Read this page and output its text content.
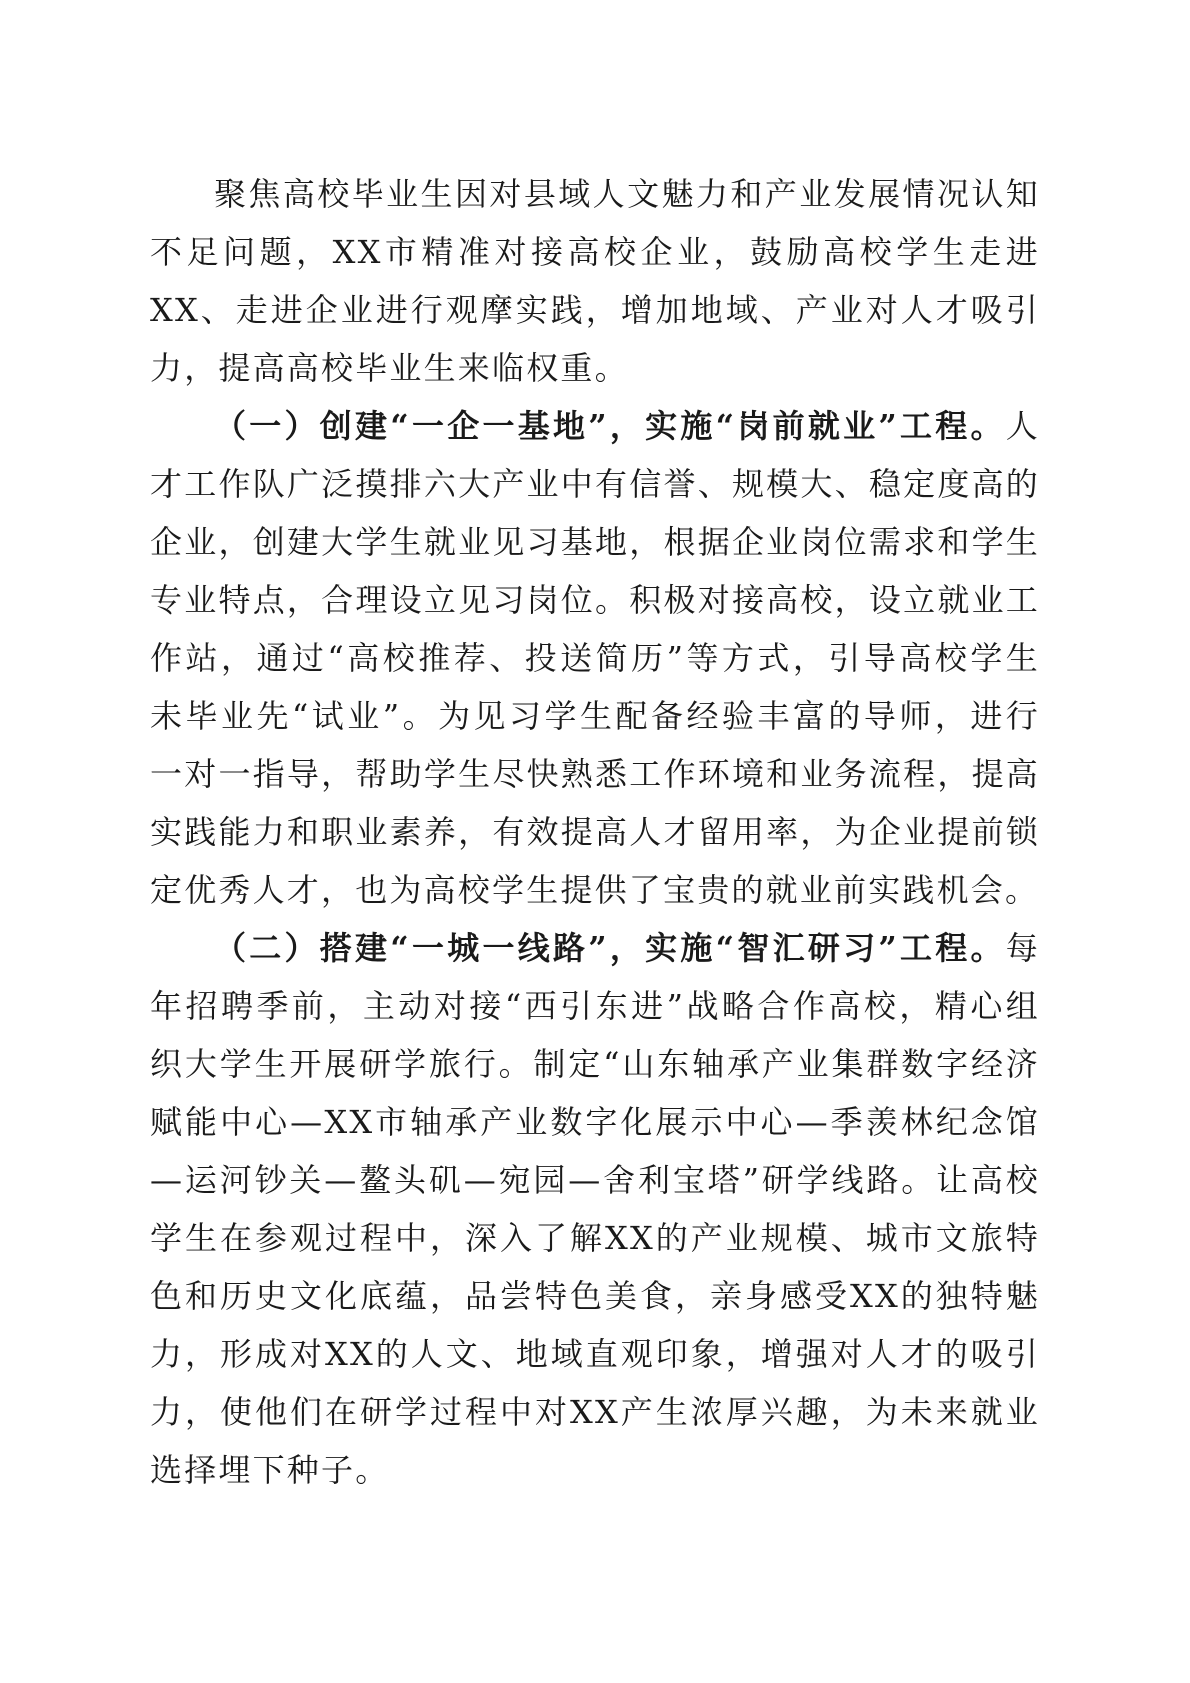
聚焦高校毕业生因对县域人文魅力和产业发展情况认知不足问题，XX市精准对接高校企业，鼓励高校学生走进XX、走进企业进行观摩实践，增加地域、产业对人才吸引力，提高高校毕业生来临权重。

（一）创建“一企一基地”，实施“岗前就业”工程。人才工作队广泛摸排六大产业中有信誉、规模大、稳定度高的企业，创建大学生就业见习基地，根据企业岗位需求和学生专业特点，合理设立见习岗位。积极对接高校，设立就业工作站，通过“高校推荐、投送简历”等方式，引导高校学生未毕业先“试业”。为见习学生配备经验丰富的导师，进行一对一指导，帮助学生尽快熟悉工作环境和业务流程，提高实践能力和职业素养，有效提高人才留用率，为企业提前锁定优秀人才，也为高校学生提供了宝贵的就业前实践机会。

（二）搭建“一城一线路”，实施“智汇研习”工程。每年招聘季前，主动对接“西引东进”战略合作高校，精心组织大学生开展研学旅行。制定“山东轴承产业集群数字经济赋能中心—XX市轴承产业数字化展示中心—季羡林纪念馆—运河钞关—鳌头矶—宛园—舍利宝塔”研学线路。让高校学生在参观过程中，深入了解XX的产业规模、城市文旅特色和历史文化底蕴，品尝特色美食，亲身感受XX的独特魅力，形成对XX的人文、地域直观印象，增强对人才的吸引力，使他们在研学过程中对XX产生浓厚兴趣，为未来就业选择埋下种子。
